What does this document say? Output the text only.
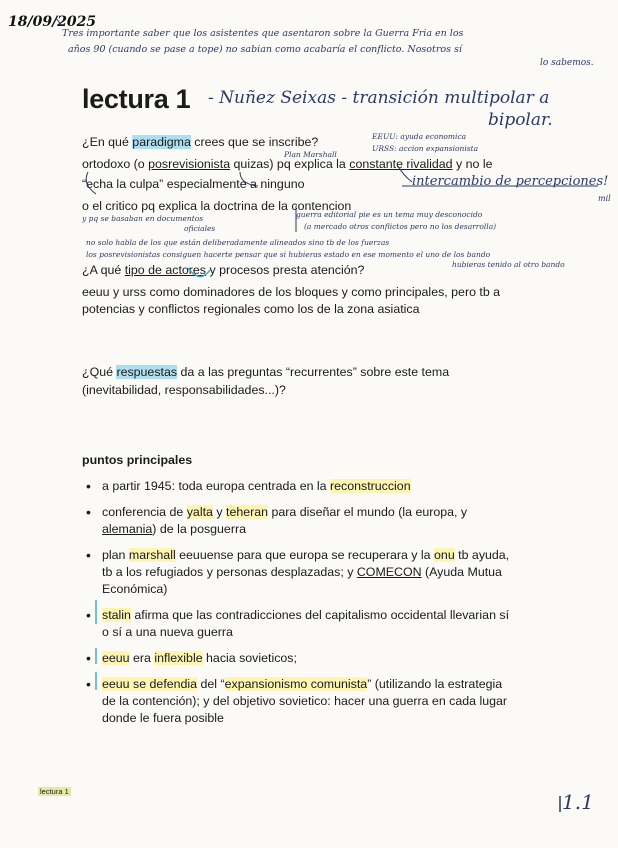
18/09/2025
Tres importante saber que los asistentes que asentaron sobre la Guerra Fria en los
años 90 (cuando se pase a tope) no sabian como acabaría el conflicto. Nosotros sí
lo sabemos.
lectura 1 - Nuñez Seixas - transición multipolar a
bipolar.
¿En qué paradigma crees que se inscribe?
Plan Marshall
EEUU: ayuda economica
URSS: accion expansionista
ortodoxo (o posrevisionista quizas) pq explica la constante rivalidad y no le
“echa la culpa” especialmente a ninguno	intercambio de percepciones!
mil
o el critico pq explica la doctrina de la contencion
y pq se basaban en documentos
oficiales
guerra editorial pie es un tema muy desconocido
(a mercado otros conflictos pero no los desarrolla)
no solo habla de los que están deliberadamente alineados sino tb de los fuerzas
los posrevisionistas consiguen hacerte pensar que si hubieras estado en ese momento el uno de los bando
hubieras tenido al otro bando
¿A qué tipo de actores y procesos presta atención?
eeuu y urss como dominadores de los bloques y como principales, pero tb a
potencias y conflictos regionales como los de la zona asiatica
¿Qué respuestas da a las preguntas “recurrentes” sobre este tema
(inevitabilidad, responsabilidades...)?
puntos principales
• a partir 1945: toda europa centrada en la reconstruccion
• conferencia de yalta y teheran para diseñar el mundo (la europa, y
alemania) de la posguerra
• plan marshall eeuuense para que europa se recuperara y la onu tb ayuda,
tb a los refugiados y personas desplazadas; y COMECON (Ayuda Mutua
Económica)
• stalin afirma que las contradicciones del capitalismo occidental llevarian sí
o sí a una nueva guerra
• eeuu era inflexible hacia sovieticos;
• eeuu se defendia del “expansionismo comunista” (utilizando la estrategia
de la contención); y del objetivo sovietico: hacer una guerra en cada lugar
donde le fuera posible
lectura 1	1.1
